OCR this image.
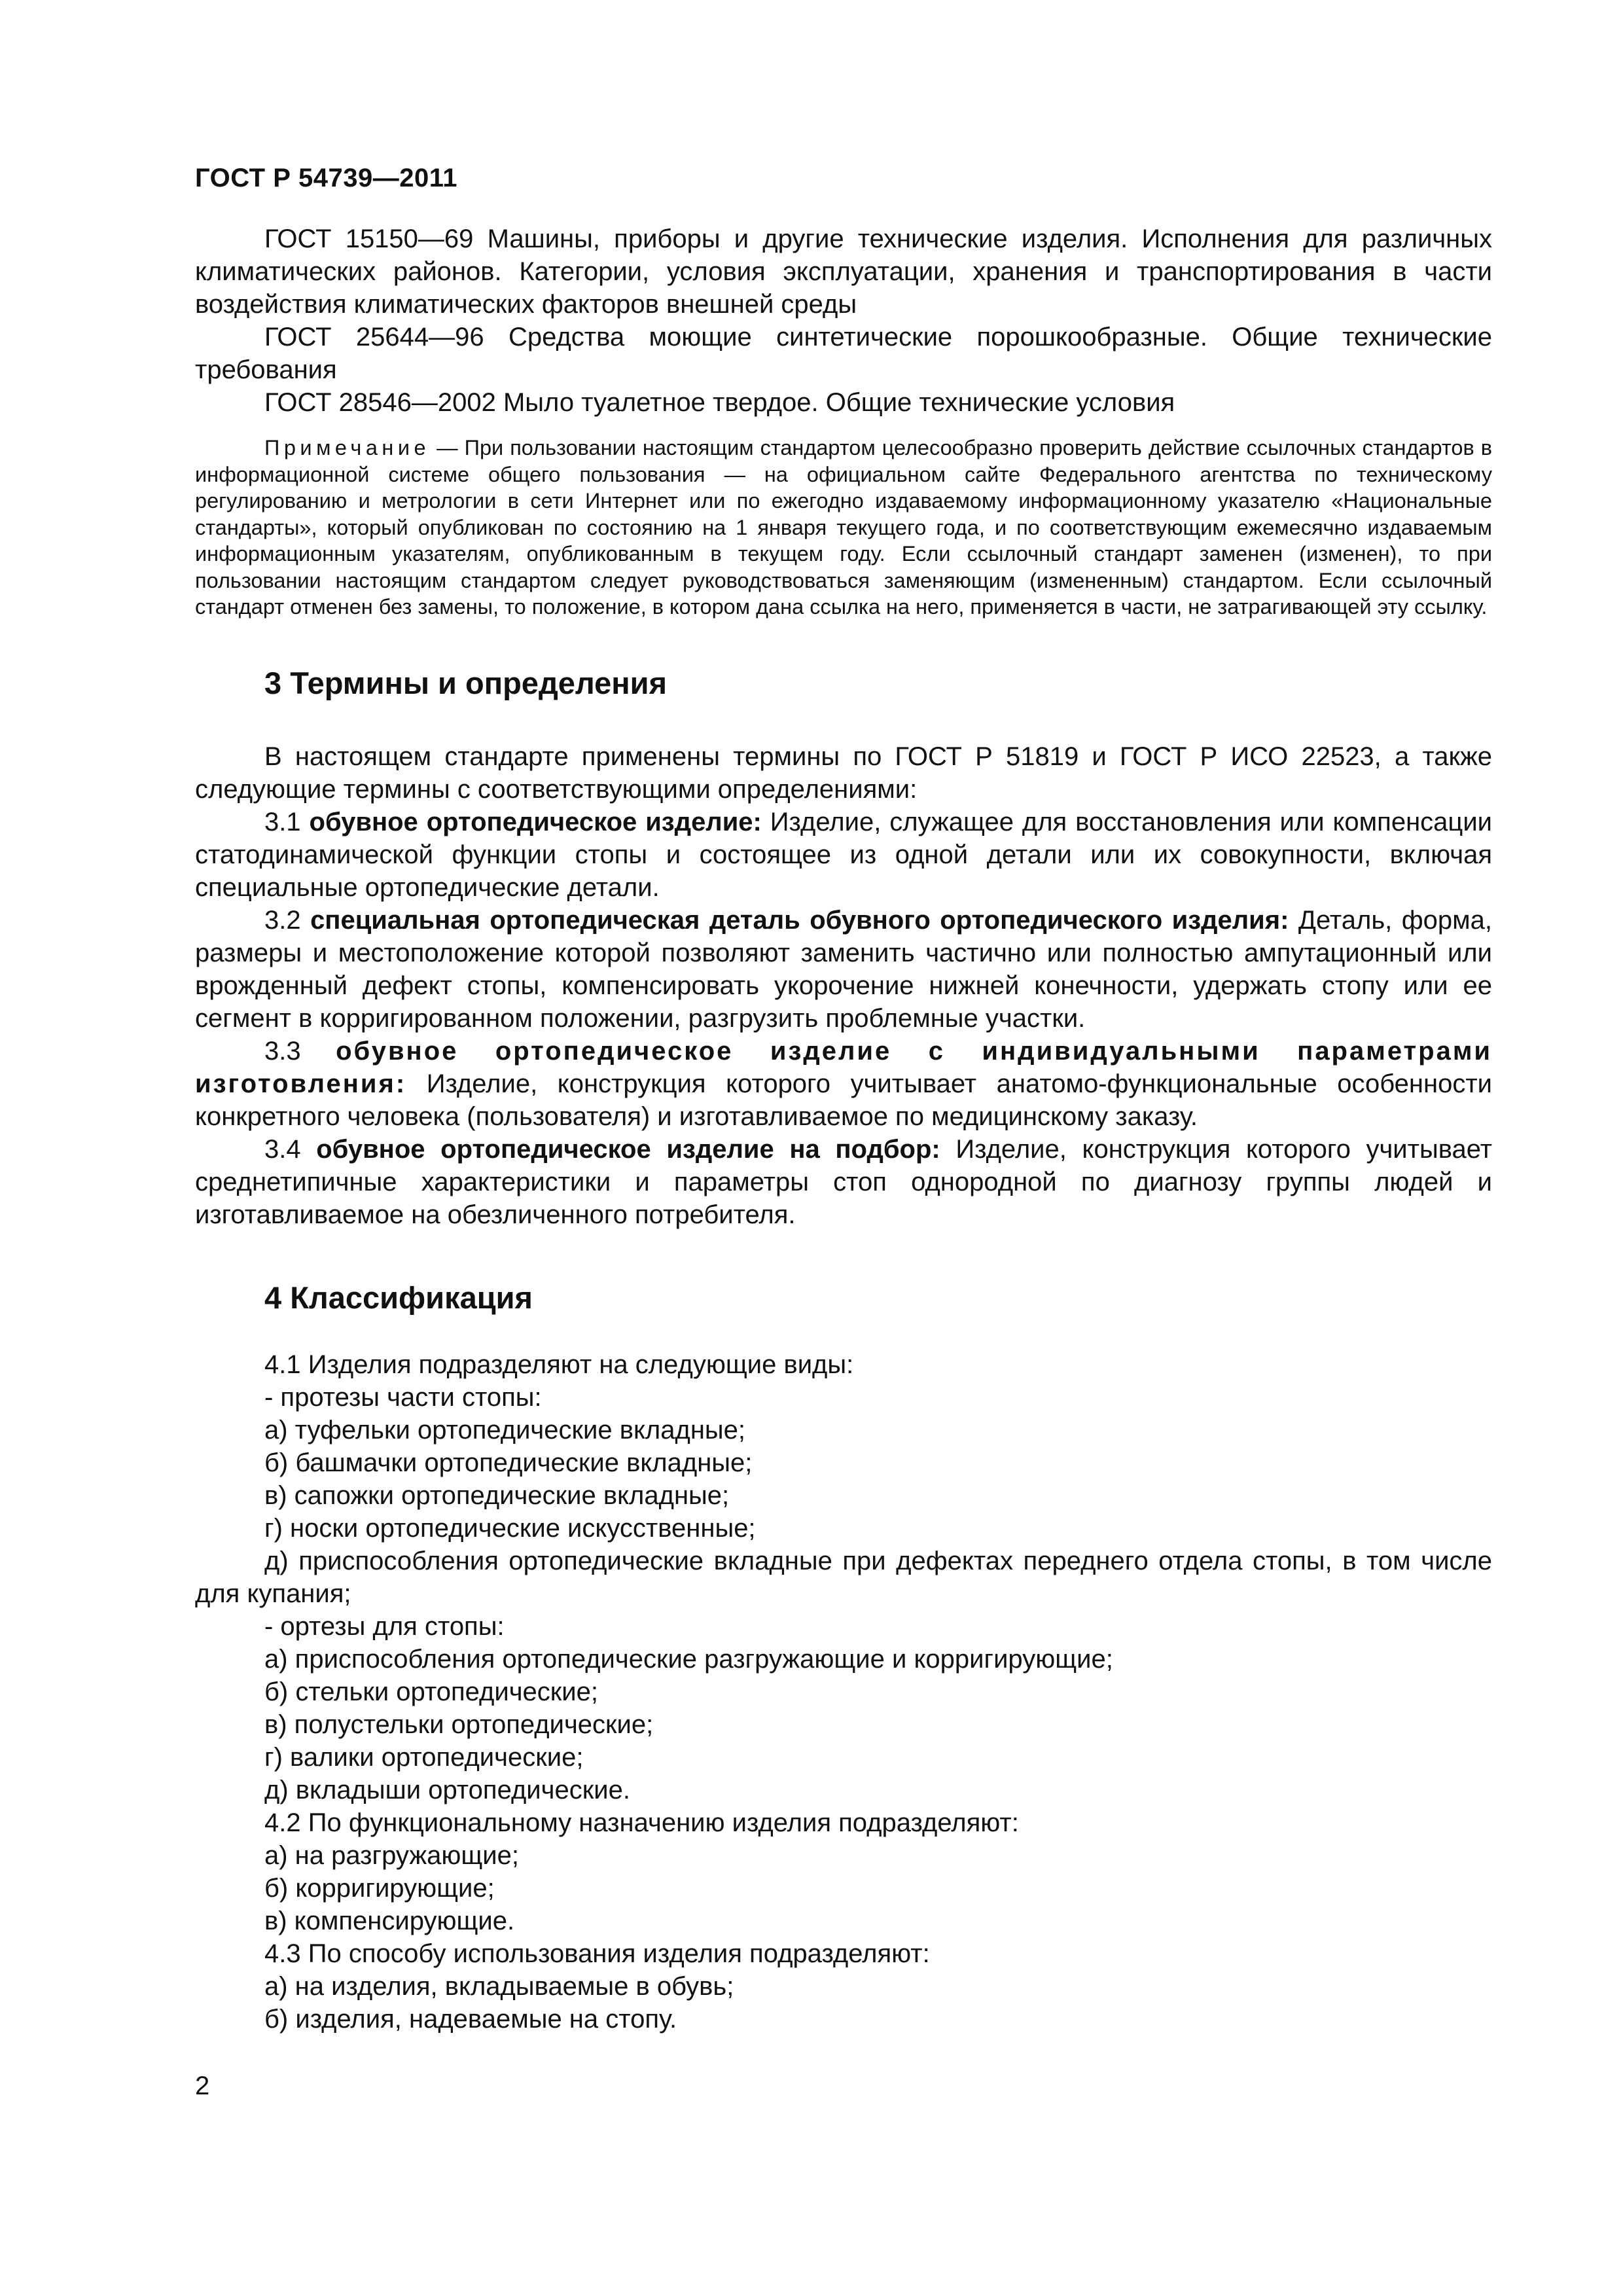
ГОСТ Р 54739—2011

ГОСТ 15150—69 Машины, приборы и другие технические изделия. Исполнения для различных климатических районов. Категории, условия эксплуатации, хранения и транспортирования в части воздействия климатических факторов внешней среды

ГОСТ 25644—96 Средства моющие синтетические порошкообразные. Общие технические требования

ГОСТ 28546—2002 Мыло туалетное твердое. Общие технические условия

Примечание — При пользовании настоящим стандартом целесообразно проверить действие ссылочных стандартов в информационной системе общего пользования — на официальном сайте Федерального агентства по техническому регулированию и метрологии в сети Интернет или по ежегодно издаваемому информационному указателю «Национальные стандарты», который опубликован по состоянию на 1 января текущего года, и по соответствующим ежемесячно издаваемым информационным указателям, опубликованным в текущем году. Если ссылочный стандарт заменен (изменен), то при пользовании настоящим стандартом следует руководствоваться заменяющим (измененным) стандартом. Если ссылочный стандарт отменен без замены, то положение, в котором дана ссылка на него, применяется в части, не затрагивающей эту ссылку.

3 Термины и определения

В настоящем стандарте применены термины по ГОСТ Р 51819 и ГОСТ Р ИСО 22523, а также следующие термины с соответствующими определениями:

3.1 обувное ортопедическое изделие: Изделие, служащее для восстановления или компенсации статодинамической функции стопы и состоящее из одной детали или их совокупности, включая специальные ортопедические детали.

3.2 специальная ортопедическая деталь обувного ортопедического изделия: Деталь, форма, размеры и местоположение которой позволяют заменить частично или полностью ампутационный или врожденный дефект стопы, компенсировать укорочение нижней конечности, удержать стопу или ее сегмент в корригированном положении, разгрузить проблемные участки.

3.3 обувное ортопедическое изделие с индивидуальными параметрами изготовления: Изделие, конструкция которого учитывает анатомо-функциональные особенности конкретного человека (пользователя) и изготавливаемое по медицинскому заказу.

3.4 обувное ортопедическое изделие на подбор: Изделие, конструкция которого учитывает среднетипичные характеристики и параметры стоп однородной по диагнозу группы людей и изготавливаемое на обезличенного потребителя.

4 Классификация

4.1 Изделия подразделяют на следующие виды:

- протезы части стопы:

а) туфельки ортопедические вкладные;

б) башмачки ортопедические вкладные;

в) сапожки ортопедические вкладные;

г) носки ортопедические искусственные;

д) приспособления ортопедические вкладные при дефектах переднего отдела стопы, в том числе для купания;

- ортезы для стопы:

а) приспособления ортопедические разгружающие и корригирующие;

б) стельки ортопедические;

в) полустельки ортопедические;

г) валики ортопедические;

д) вкладыши ортопедические.

4.2 По функциональному назначению изделия подразделяют:

а) на разгружающие;

б) корригирующие;

в) компенсирующие.

4.3 По способу использования изделия подразделяют:

а) на изделия, вкладываемые в обувь;

б) изделия, надеваемые на стопу.

2
